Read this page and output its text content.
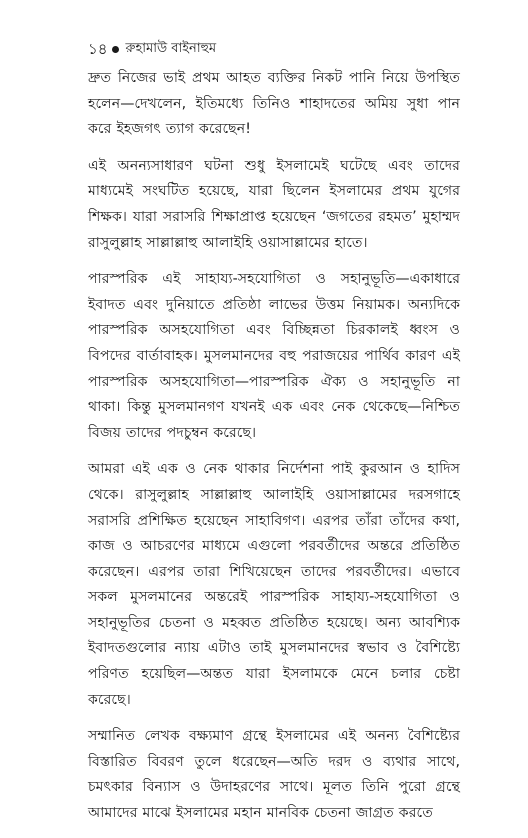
১৪ রুহামাউ বাইনাহুম

দ্রুত নিজের ভাই প্রথম আহত ব্যক্তির নিকট পানি নিয়ে উপস্থিত হলেন—দেখলেন, ইতিমধ্যে তিনিও শাহাদতের অমিয় সুধা পান করে ইহজগৎ ত্যাগ করেছেন!

এই অনন্যসাধারণ ঘটনা শুধু ইসলামেই ঘটেছে এবং তাদের মাধ্যমেই সংঘটিত হয়েছে, যারা ছিলেন ইসলামের প্রথম যুগের শিক্ষক। যারা সরাসরি শিক্ষাপ্রাপ্ত হয়েছেন ‘জগতের রহমত’ মুহাম্মদ রাসুলুল্লাহ সাল্লাল্লাহু আলাইহি ওয়াসাল্লামের হাতে।

পারস্পরিক এই সাহায্য-সহযোগিতা ও সহানুভূতি—একাধারে ইবাদত এবং দুনিয়াতে প্রতিষ্ঠা লাভের উত্তম নিয়ামক। অন্যদিকে পারস্পরিক অসহযোগিতা এবং বিচ্ছিন্নতা চিরকালই ধ্বংস ও বিপদের বার্তাবাহক। মুসলমানদের বহু পরাজয়ের পার্থিব কারণ এই পারস্পরিক অসহযোগিতা—পারস্পরিক ঐক্য ও সহানুভূতি না থাকা। কিন্তু মুসলমানগণ যখনই এক এবং নেক থেকেছে—নিশ্চিত বিজয় তাদের পদচুম্বন করেছে।

আমরা এই এক ও নেক থাকার নির্দেশনা পাই কুরআন ও হাদিস থেকে। রাসুলুল্লাহ সাল্লাল্লাহু আলাইহি ওয়াসাল্লামের দরসগাহে সরাসরি প্রশিক্ষিত হয়েছেন সাহাবিগণ। এরপর তাঁরা তাঁদের কথা, কাজ ও আচরণের মাধ্যমে এগুলো পরবর্তীদের অন্তরে প্রতিষ্ঠিত করেছেন। এরপর তারা শিখিয়েছেন তাদের পরবর্তীদের। এভাবে সকল মুসলমানের অন্তরেই পারস্পরিক সাহায্য-সহযোগিতা ও সহানুভূতির চেতনা ও মহব্বত প্রতিষ্ঠিত হয়েছে। অন্য আবশ্যিক ইবাদতগুলোর ন্যায় এটাও তাই মুসলমানদের স্বভাব ও বৈশিষ্ট্যে পরিণত হয়েছিল—অন্তত যারা ইসলামকে মেনে চলার চেষ্টা করেছে।

সম্মানিত লেখক বক্ষ্যমাণ গ্রন্থে ইসলামের এই অনন্য বৈশিষ্ট্যের বিস্তারিত বিবরণ তুলে ধরেছেন—অতি দরদ ও ব্যথার সাথে, চমৎকার বিন্যাস ও উদাহরণের সাথে। মূলত তিনি পুরো গ্রন্থে আমাদের মাঝে ইসলামের মহান মানবিক চেতনা জাগ্রত করতে
